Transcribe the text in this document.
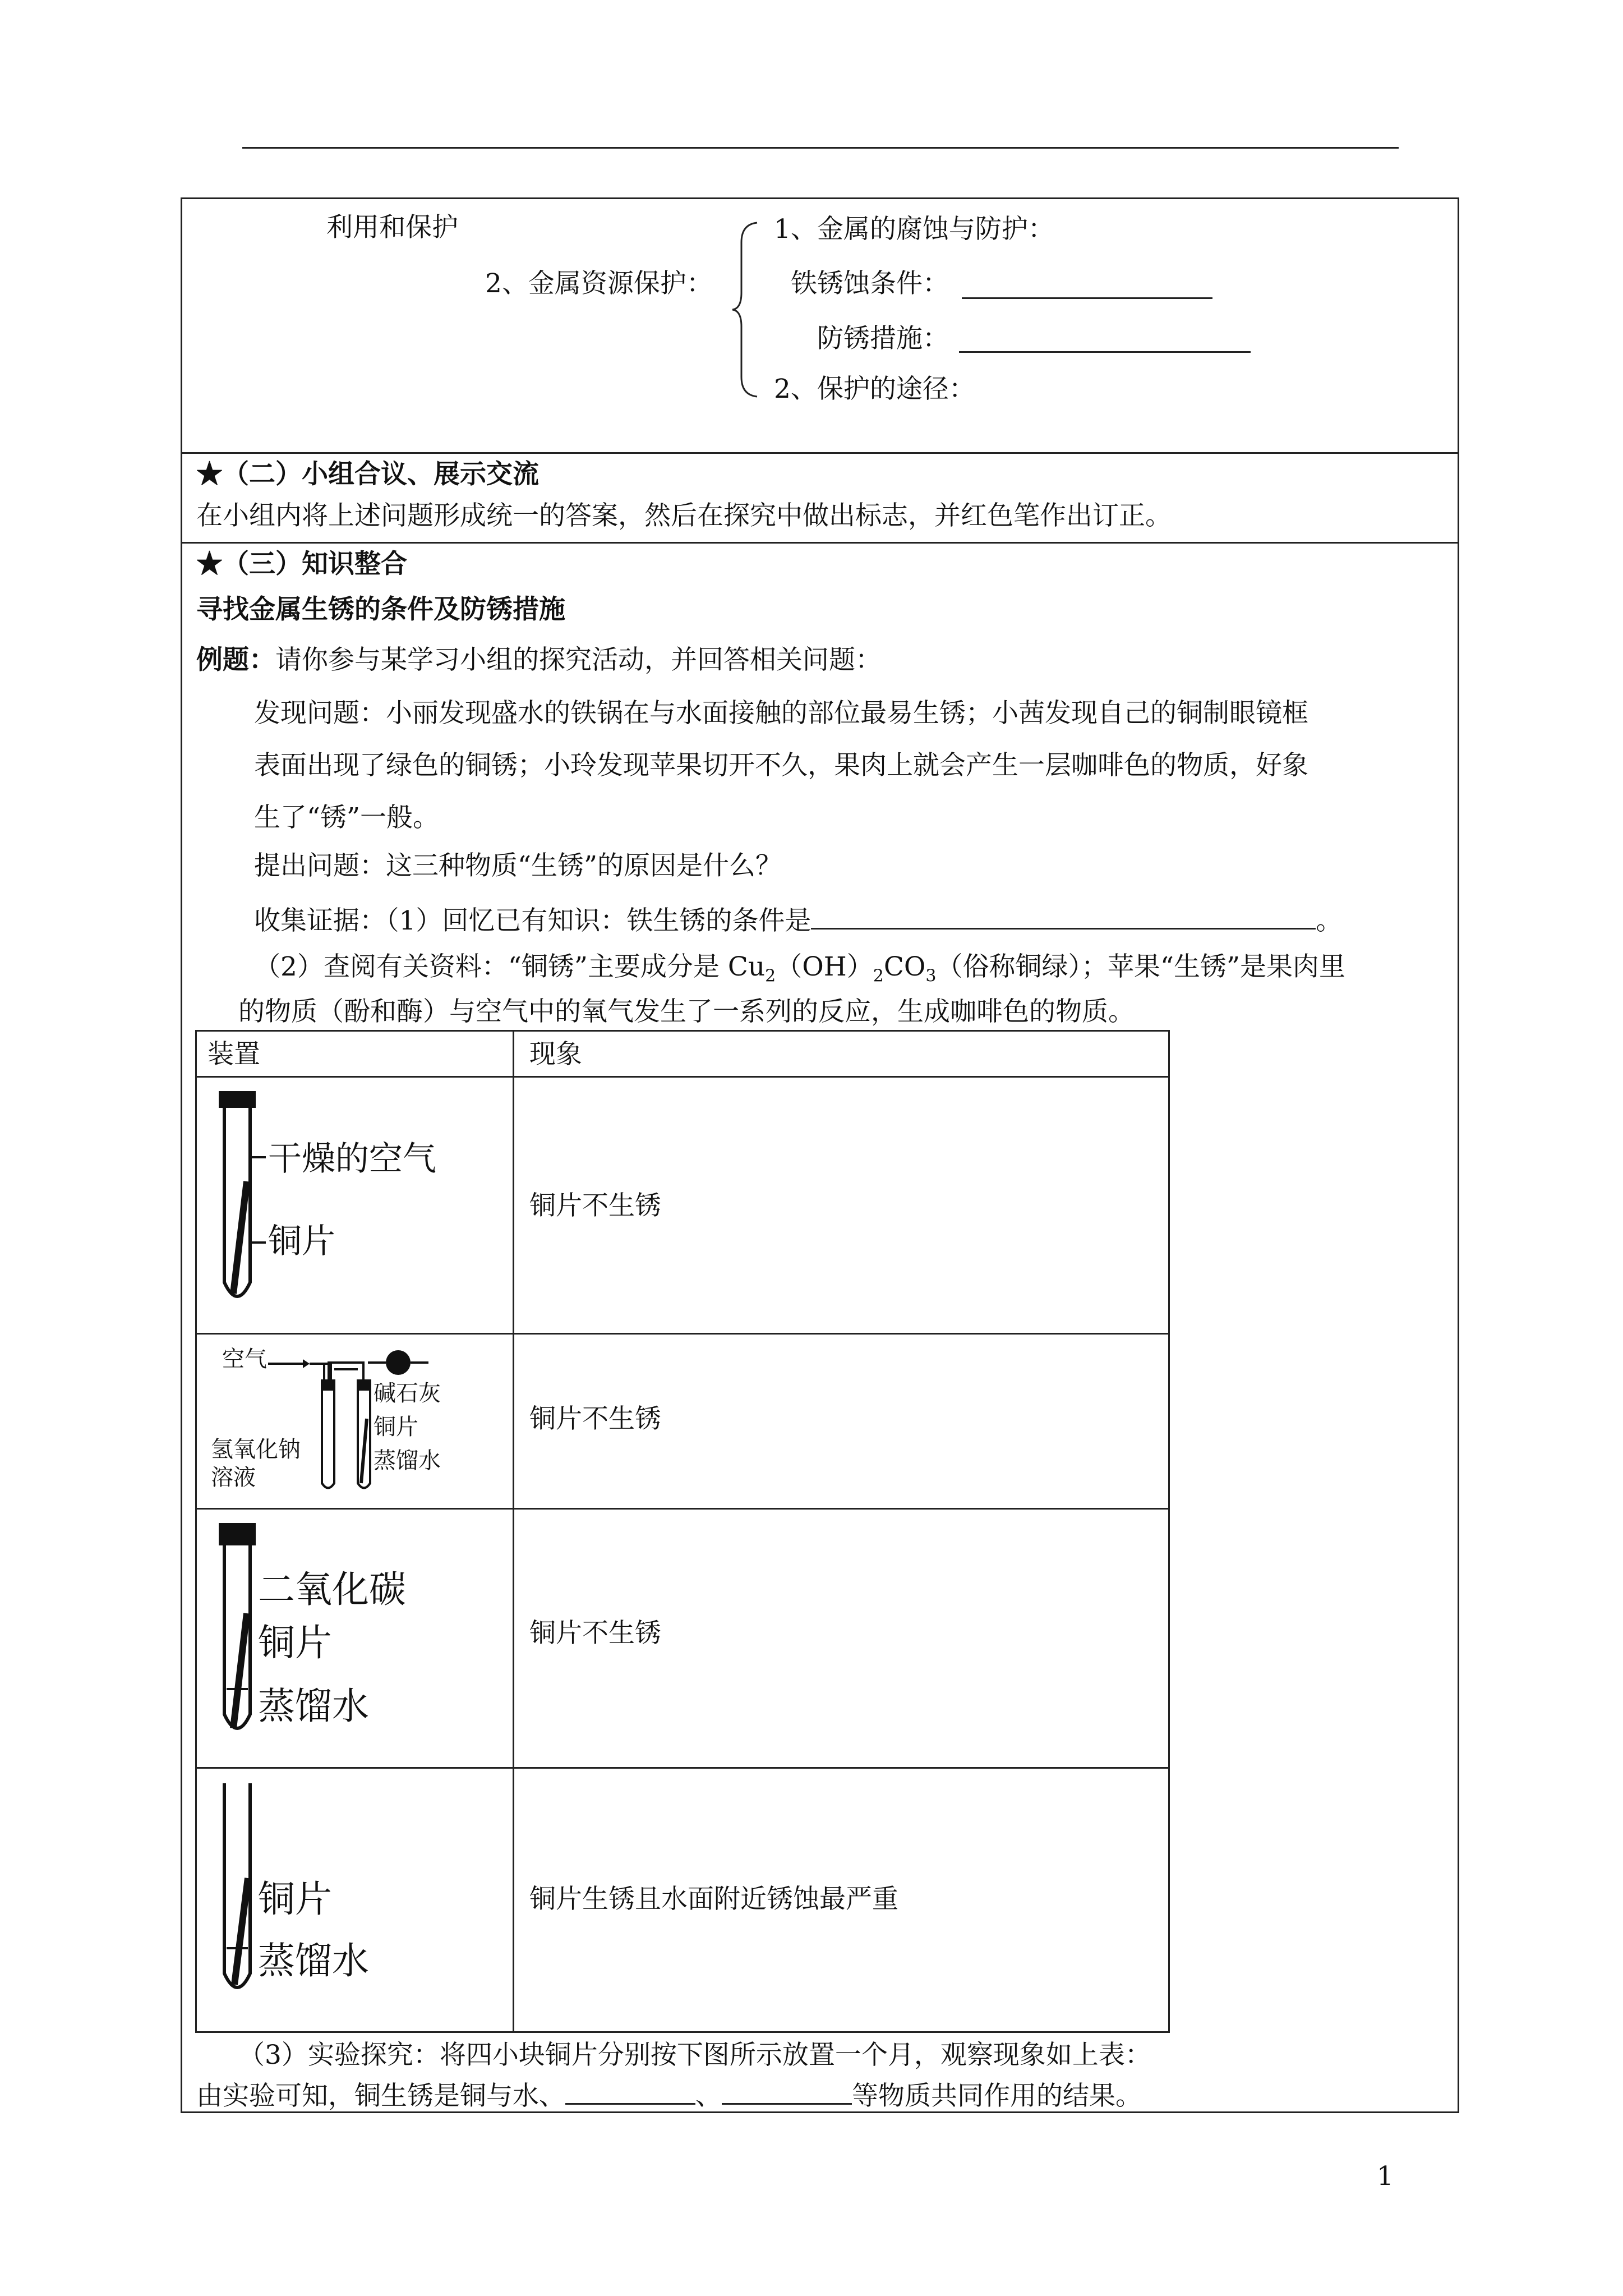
利用和保护
2、金属资源保护：
1、金属的腐蚀与防护：
铁锈蚀条件：
防锈措施：
2、保护的途径：
★（二）小组合议、展示交流
在小组内将上述问题形成统一的答案，然后在探究中做出标志，并红色笔作出订正。
★（三）知识整合
寻找金属生锈的条件及防锈措施
例题：请你参与某学习小组的探究活动，并回答相关问题：
发现问题：小丽发现盛水的铁锅在与水面接触的部位最易生锈；小茜发现自己的铜制眼镜框
表面出现了绿色的铜锈；小玲发现苹果切开不久，果肉上就会产生一层咖啡色的物质，好象
生了“锈”一般。
提出问题：这三种物质“生锈”的原因是什么？
收集证据：（1）回忆已有知识：铁生锈的条件是	。
（2）查阅有关资料：“铜锈”主要成分是 $Cu_2(OH)_2CO_3$（俗称铜绿）；苹果“生锈”是果肉里
的物质（酚和酶）与空气中的氧气发生了一系列的反应，生成咖啡色的物质。
装置	现象
干燥的空气
铜片
铜片不生锈
空气
碱石灰
铜片
氢氧化钠
溶液
蒸馏水
铜片不生锈
二氧化碳
铜片
蒸馏水
铜片不生锈
铜片
蒸馏水
铜片生锈且水面附近锈蚀最严重
（3）实验探究：将四小块铜片分别按下图所示放置一个月，观察现象如上表：
由实验可知，铜生锈是铜与水、	、	等物质共同作用的结果。
1
